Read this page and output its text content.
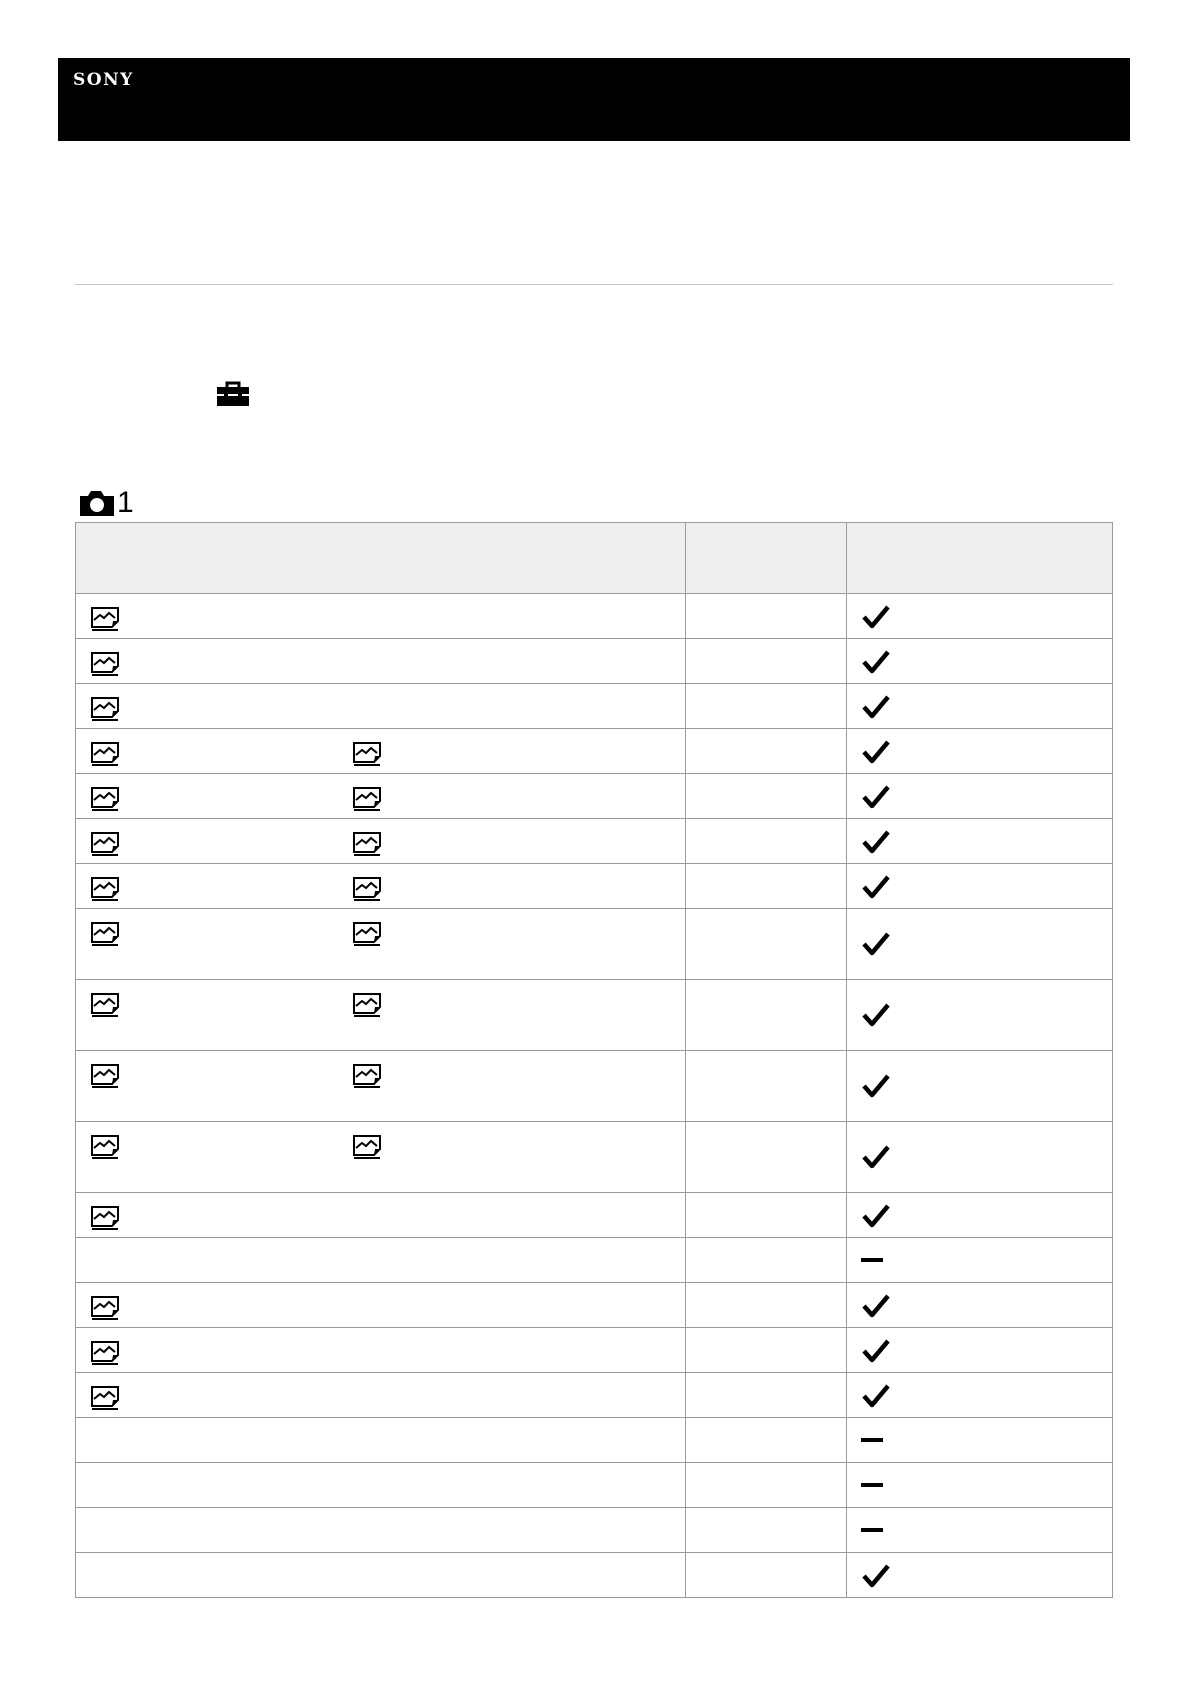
SONY
1
